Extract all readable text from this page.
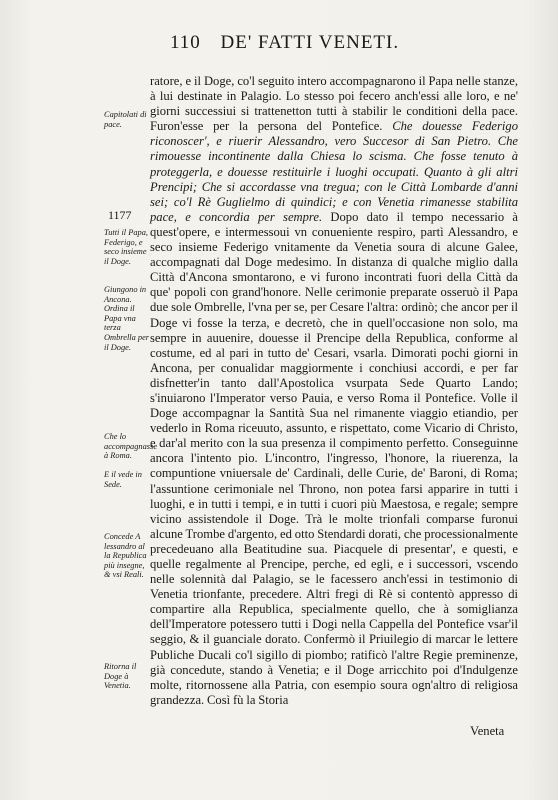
110 DE' FATTI VENETI.
Capitolati di pace.
1177
Tutti il Papa, Federigo, e seco insieme il Doge.
Giungono in Ancona. Ordina il Papa vna terza Ombrella per il Doge.
Che lo accompagnasse à Roma.
E il vede in Sede.
Concede A lessandro al la Republica più insegne, & vsi Reali.
Ritorna il Doge à Venetia.

ratore, e il Doge, co'l seguito intero accompagnarono il Papa nelle stanze, à lui destinate in Palagio. Lo stesso poi fecero anch'essi alle loro, e ne' giorni successiui si trattenetton tutti à stabilir le conditioni della pace. Furon'esse per la persona del Pontefice. Che douesse Federigo riconoscer', e riuerir Alessandro, vero Succesor di San Pietro. Che rimouesse incontinente dalla Chiesa lo scisma. Che fosse tenuto à proteggerla, e douesse restituirle i luoghi occupati. Quanto à gli altri Prencipi; Che si accordasse vna tregua; con le Città Lombarde d'anni sei; co'l Rè Guglielmo di quindici; e con Venetia rimanesse stabilita pace, e concordia per sempre. Dopo dato il tempo necessario à quest'opere, e intermessoui vn conueniente respiro, partì Alessandro, e seco insieme Federigo vnitamente da Venetia soura di alcune Galee, accompagnati dal Doge medesimo. In distanza di qualche miglio dalla Città d'Ancona smontarono, e vi furono incontrati fuori della Città da que' popoli con grand'honore. Nelle cerimonie preparate osseruò il Papa due sole Ombrelle, l'vna per se, per Cesare l'altra: ordinò; che ancor per il Doge vi fosse la terza, e decretò, che in quell'occasione non solo, ma sempre in auuenire, douesse il Prencipe della Republica, conforme al costume, ed al pari in tutto de' Cesari, vsarla. Dimorati pochi giorni in Ancona, per conualidar maggiormente i conchiusi accordi, e per far disfnetter'in tanto dall'Apostolica vsurpata Sede Quarto Lando; s'inuiarono l'Imperator verso Pauia, e verso Roma il Pontefice. Volle il Doge accompagnar la Santità Sua nel rimanente viaggio etiandio, per vederlo in Roma riceuuto, assunto, e rispettato, come Vicario di Christo, e dar'al merito con la sua presenza il compimento perfetto. Conseguinne ancora l'intento pio. L'incontro, l'ingresso, l'honore, la riuerenza, la compuntione vniuersale de' Cardinali, delle Curie, de' Baroni, di Roma; l'assuntione cerimoniale nel Throno, non potea farsi apparire in tutti i luoghi, e in tutti i tempi, e in tutti i cuori più Maestosa, e regale; sempre vicino assistendole il Doge. Trà le molte trionfali comparse furonui alcune Trombe d'argento, ed otto Stendardi dorati, che processionalmente precedeuano alla Beatitudine sua. Piacquele di presentar', e questi, e quelle regalmente al Prencipe, perche, ed egli, e i successori, vscendo nelle solennità dal Palagio, se le facessero anch'essi in testimonio di Venetia trionfante, precedere. Altri fregi di Rè si contentò appresso di compartire alla Republica, specialmente quello, che à somiglianza dell'Imperatore potessero tutti i Dogi nella Cappella del Pontefice vsar'il seggio, & il guanciale dorato. Confermò il Priuilegio di marcar le lettere Publiche Ducali co'l sigillo di piombo; ratificò l'altre Regie preminenze, già concedute, stando à Venetia; e il Doge arricchito poi d'Indulgenze molte, ritornossene alla Patria, con esempio soura ogn'altro di religiosa grandezza. Così fù la Storia

Veneta
